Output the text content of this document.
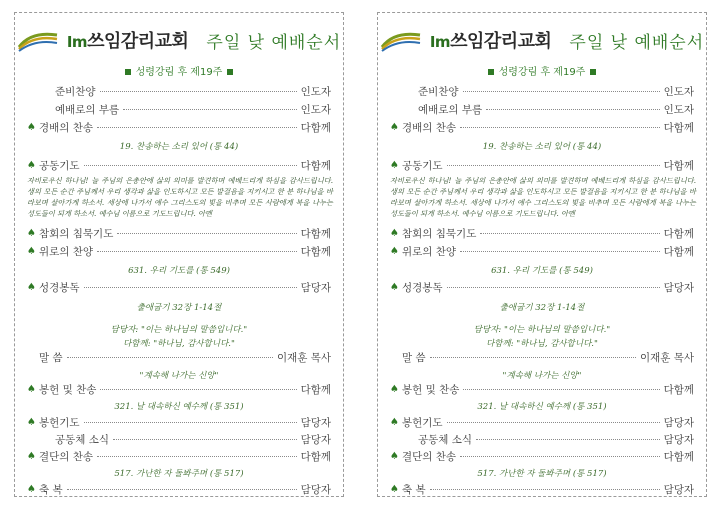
Im쓰임감리교회 주일 낮 예배순서
성령강림 후 제19주
준비찬양	인도자
예배로의 부름	인도자
♠ 경배의 찬송	다함께
19. 찬송하는 소리 있어 (통 44)
♠ 공동기도	다함께
자비로우신 하나님! 늘 주님의 은총안에 삶의 의미를 발견하며 예배드리게 하심을 감사드립니다. 생의 모든 순간 주님께서 우리 생각과 삶을 인도하시고 모든 발걸음을 지키시고 한 분 하나님을 바라보며 살아가게 하소서. 세상에 나가서 예수 그리스도의 빛을 비추며 모든 사람에게 복을 나누는 성도들이 되게 하소서. 예수님 이름으로 기도드립니다. 아멘
♠ 참회의 침묵기도	다함께
♠ 위로의 찬양	다함께
631. 우리 기도를 (통 549)
♠ 성경봉독	담당자
출애굽기 32장 1-14절
담당자: "이는 하나님의 말씀입니다."
다함께: "하나님, 감사합니다."
말 씀	이재훈 목사
"계속해 나가는 신앙"
♠ 봉헌 및 찬송	다함께
321. 날 대속하신 예수께 (통 351)
♠ 봉헌기도	담당자
공동체 소식	담당자
♠ 결단의 찬송	다함께
517. 가난한 자 돌봐주며 (통 517)
♠ 축 복	담당자
Im쓰임감리교회 주일 낮 예배순서
성령강림 후 제19주
준비찬양	인도자
예배로의 부름	인도자
♠ 경배의 찬송	다함께
19. 찬송하는 소리 있어 (통 44)
♠ 공동기도	다함께
자비로우신 하나님! 늘 주님의 은총안에 삶의 의미를 발견하며 예배드리게 하심을 감사드립니다. 생의 모든 순간 주님께서 우리 생각과 삶을 인도하시고 모든 발걸음을 지키시고 한 분 하나님을 바라보며 살아가게 하소서. 세상에 나가서 예수 그리스도의 빛을 비추며 모든 사람에게 복을 나누는 성도들이 되게 하소서. 예수님 이름으로 기도드립니다. 아멘
♠ 참회의 침묵기도	다함께
♠ 위로의 찬양	다함께
631. 우리 기도를 (통 549)
♠ 성경봉독	담당자
출애굽기 32장 1-14절
담당자: "이는 하나님의 말씀입니다."
다함께: "하나님, 감사합니다."
말 씀	이재훈 목사
"계속해 나가는 신앙"
♠ 봉헌 및 찬송	다함께
321. 날 대속하신 예수께 (통 351)
♠ 봉헌기도	담당자
공동체 소식	담당자
♠ 결단의 찬송	다함께
517. 가난한 자 돌봐주며 (통 517)
♠ 축 복	담당자
